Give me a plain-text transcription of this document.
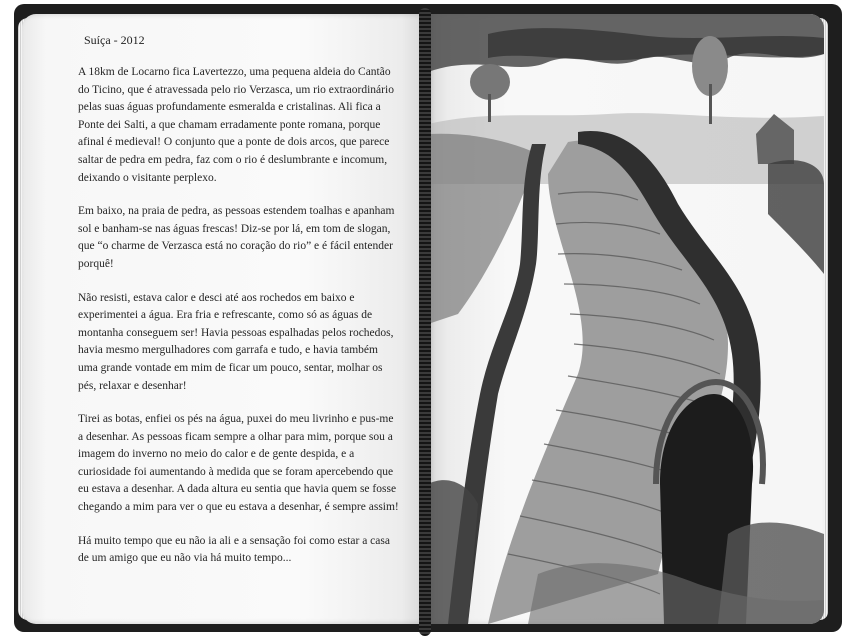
Suíça - 2012

A 18km de Locarno fica Lavertezzo, uma pequena aldeia do Cantão do Ticino, que é atravessada pelo rio Verzasca, um rio extraordinário pelas suas águas profundamente esmeralda e cristalinas. Ali fica a Ponte dei Salti, a que chamam erradamente ponte romana, porque afinal é medieval! O conjunto que a ponte de dois arcos, que parece saltar de pedra em pedra, faz com o rio é deslumbrante e incomum, deixando o visitante perplexo.

Em baixo, na praia de pedra, as pessoas estendem toalhas e apanham sol e banham-se nas águas frescas! Diz-se por lá, em tom de slogan, que “o charme de Verzasca está no coração do rio” e é fácil entender porquê!

Não resisti, estava calor e desci até aos rochedos em baixo e experimentei a água. Era fria e refrescante, como só as águas de montanha conseguem ser! Havia pessoas espalhadas pelos rochedos, havia mesmo mergulhadores com garrafa e tudo, e havia também uma grande vontade em mim de ficar um pouco, sentar, molhar os pés, relaxar e desenhar!

Tirei as botas, enfiei os pés na água, puxei do meu livrinho e pus-me a desenhar. As pessoas ficam sempre a olhar para mim, porque sou a imagem do inverno no meio do calor e de gente despida, e a curiosidade foi aumentando à medida que se foram apercebendo que eu estava a desenhar. A dada altura eu sentia que havia quem se fosse chegando a mim para ver o que eu estava a desenhar, é sempre assim!

Há muito tempo que eu não ia ali e a sensação foi como estar a casa de um amigo que eu não via há muito tempo...
